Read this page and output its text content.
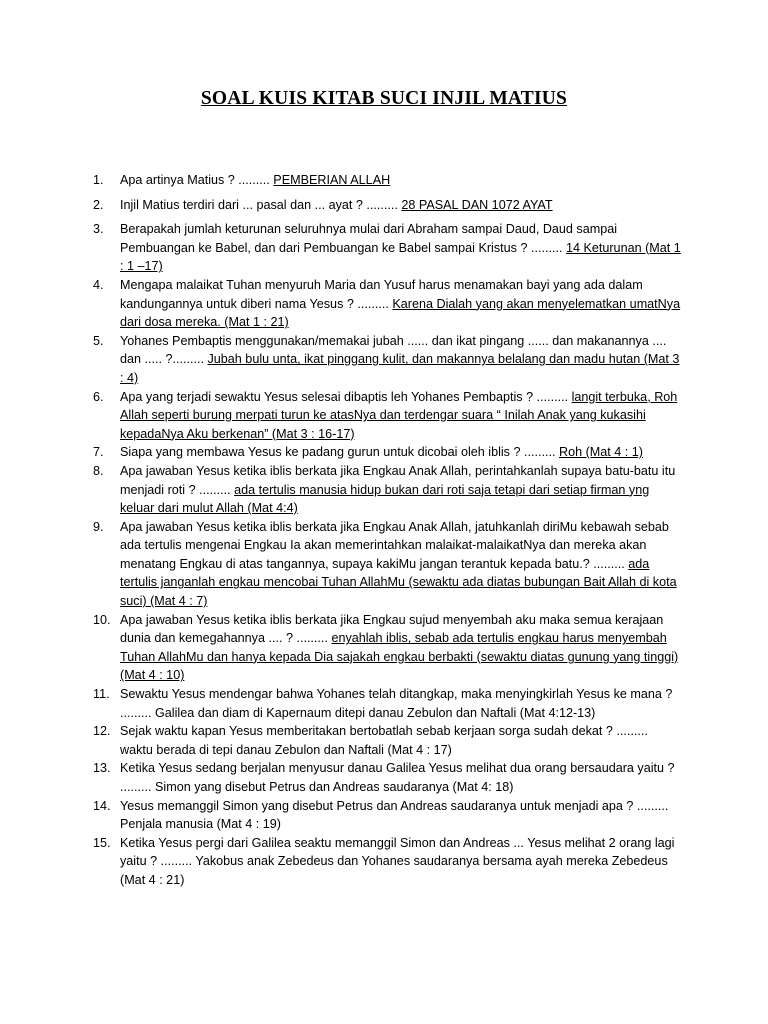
SOAL KUIS KITAB SUCI INJIL MATIUS
1. Apa artinya Matius ? ......... PEMBERIAN ALLAH
2. Injil Matius terdiri dari ... pasal dan ... ayat ? ......... 28 PASAL DAN 1072 AYAT
3. Berapakah jumlah keturunan seluruhnya mulai dari Abraham sampai Daud, Daud sampai Pembuangan ke Babel, dan dari Pembuangan ke Babel sampai Kristus ? ......... 14 Keturunan (Mat 1 : 1 –17)
4. Mengapa malaikat Tuhan menyuruh Maria dan Yusuf harus menamakan bayi yang ada dalam kandungannya untuk diberi nama Yesus ? ......... Karena Dialah yang akan menyelematkan umatNya dari dosa mereka. (Mat 1 : 21)
5. Yohanes Pembaptis menggunakan/memakai jubah ...... dan ikat pingang ...... dan makanannya .... dan ..... ?......... Jubah bulu unta, ikat pinggang kulit, dan makannya belalang dan madu hutan (Mat 3 : 4)
6. Apa yang terjadi sewaktu Yesus selesai dibaptis leh Yohanes Pembaptis ? ......... langit terbuka, Roh Allah seperti burung merpati turun ke atasNya dan terdengar suara “ Inilah Anak yang kukasihi kepadaNya Aku berkenan” (Mat 3 : 16-17)
7. Siapa yang membawa Yesus ke padang gurun untuk dicobai oleh iblis ? ......... Roh (Mat 4 : 1)
8. Apa jawaban Yesus ketika iblis berkata jika Engkau Anak Allah, perintahkanlah supaya batu-batu itu menjadi roti ? ......... ada tertulis manusia hidup bukan dari roti saja tetapi dari setiap firman yng keluar dari mulut Allah (Mat 4:4)
9. Apa jawaban Yesus ketika iblis berkata jika Engkau Anak Allah, jatuhkanlah diriMu kebawah sebab ada tertulis mengenai Engkau Ia akan memerintahkan malaikat-malaikatNya dan mereka akan menatang Engkau di atas tangannya, supaya kakiMu jangan terantuk kepada batu.? ......... ada tertulis janganlah engkau mencobai Tuhan AllahMu (sewaktu ada diatas bubungan Bait Allah di kota suci) (Mat 4 : 7)
10. Apa jawaban Yesus ketika iblis berkata jika Engkau sujud menyembah aku maka semua kerajaan dunia dan kemegahannya .... ? ......... enyahlah iblis, sebab ada tertulis engkau harus menyembah Tuhan AllahMu dan hanya kepada Dia sajakah engkau berbakti (sewaktu diatas gunung yang tinggi) (Mat 4 : 10)
11. Sewaktu Yesus mendengar bahwa Yohanes telah ditangkap, maka menyingkirlah Yesus ke mana ? ......... Galilea dan diam di Kapernaum ditepi danau Zebulon dan Naftali (Mat 4:12-13)
12. Sejak waktu kapan Yesus memberitakan bertobatlah sebab kerjaan sorga sudah dekat ? ......... waktu berada di tepi danau Zebulon dan Naftali (Mat 4 : 17)
13. Ketika Yesus sedang berjalan menyusur danau Galilea Yesus melihat dua orang bersaudara yaitu ? ......... Simon yang disebut Petrus dan Andreas saudaranya (Mat 4: 18)
14. Yesus memanggil Simon yang disebut Petrus dan Andreas saudaranya untuk menjadi apa ? ......... Penjala manusia (Mat 4 : 19)
15. Ketika Yesus pergi dari Galilea seaktu memanggil Simon dan Andreas ... Yesus melihat 2 orang lagi yaitu ? ......... Yakobus anak Zebedeus dan Yohanes saudaranya bersama ayah mereka Zebedeus (Mat 4 : 21)
